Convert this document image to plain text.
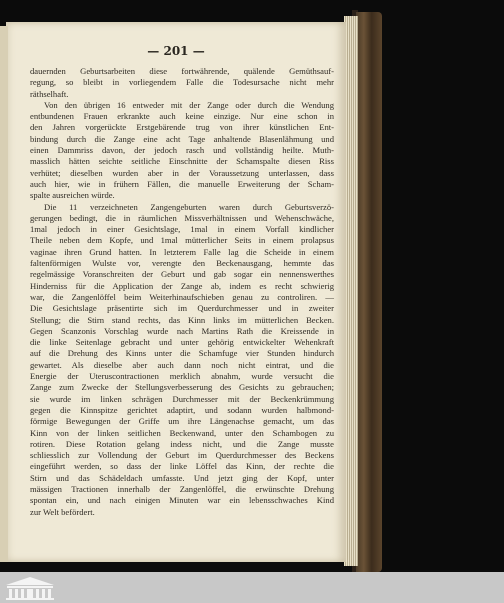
— 201 —
dauernden Geburtsarbeiten diese fortwährende, quälende Gemüthsauf-
regung, so bleibt in vorliegendem Falle die Todesursache nicht mehr
räthselhaft.
Von den übrigen 16 entweder mit der Zange oder durch die Wendung
entbundenen Frauen erkrankte auch keine einzige. Nur eine schon in
den Jahren vorgerückte Erstgebärende trug von ihrer künstlichen Ent-
bindung durch die Zange eine acht Tage anhaltende Blasenlähmung und
einen Dammriss davon, der jedoch rasch und vollständig heilte. Muth-
masslich hätten seichte seitliche Einschnitte der Schamspalte diesen Riss
verhütet; dieselben wurden aber in der Voraussetzung unterlassen, dass
auch hier, wie in frühern Fällen, die manuelle Erweiterung der Scham-
spalte ausreichen würde.
Die 11 verzeichneten Zangengeburten waren durch Geburtsverzö-
gerungen bedingt, die in räumlichen Missverhältnissen und Wehenschwäche,
1mal jedoch in einer Gesichtslage, 1mal in einem Vorfall kindlicher
Theile neben dem Kopfe, und 1mal mütterlicher Seits in einem prolapsus
vaginae ihren Grund hatten. In letzterem Falle lag die Scheide in einem
faltenförmigen Wulste vor, verengte den Beckenausgang, hemmte das
regelmässige Voranschreiten der Geburt und gab sogar ein nennenswerthes
Hinderniss für die Application der Zange ab, indem es recht schwierig
war, die Zangenlöffel beim Weiterhinaufschieben genau zu controliren. —
Die Gesichtslage präsentirte sich im Querdurchmesser und in zweiter
Stellung; die Stirn stand rechts, das Kinn links im mütterlichen Becken.
Gegen Scanzonis Vorschlag wurde nach Martins Rath die Kreissende in
die linke Seitenlage gebracht und unter gehörig entwickelter Wehenkraft
auf die Drehung des Kinns unter die Schamfuge vier Stunden hindurch
gewartet. Als dieselbe aber auch dann noch nicht eintrat, und die
Energie der Uteruscontractionen merklich abnahm, wurde versucht die
Zange zum Zwecke der Stellungsverbesserung des Gesichts zu gebrauchen;
sie wurde im linken schrägen Durchmesser mit der Beckenkrümmung
gegen die Kinnspitze gerichtet adaptirt, und sodann wurden halbmond-
förmige Bewegungen der Griffe um ihre Längenachse gemacht, um das
Kinn von der linken seitlichen Beckenwand, unter den Schambogen zu
rotiren. Diese Rotation gelang indess nicht, und die Zange musste
schliesslich zur Vollendung der Geburt im Querdurchmesser des Beckens
eingeführt werden, so dass der linke Löffel das Kinn, der rechte die
Stirn und das Schädeldach umfasste. Und jetzt ging der Kopf, unter
mässigen Tractionen innerhalb der Zangenlöffel, die erwünschte Drehung
spontan ein, und nach einigen Minuten war ein lebensschwaches Kind
zur Welt befördert.
